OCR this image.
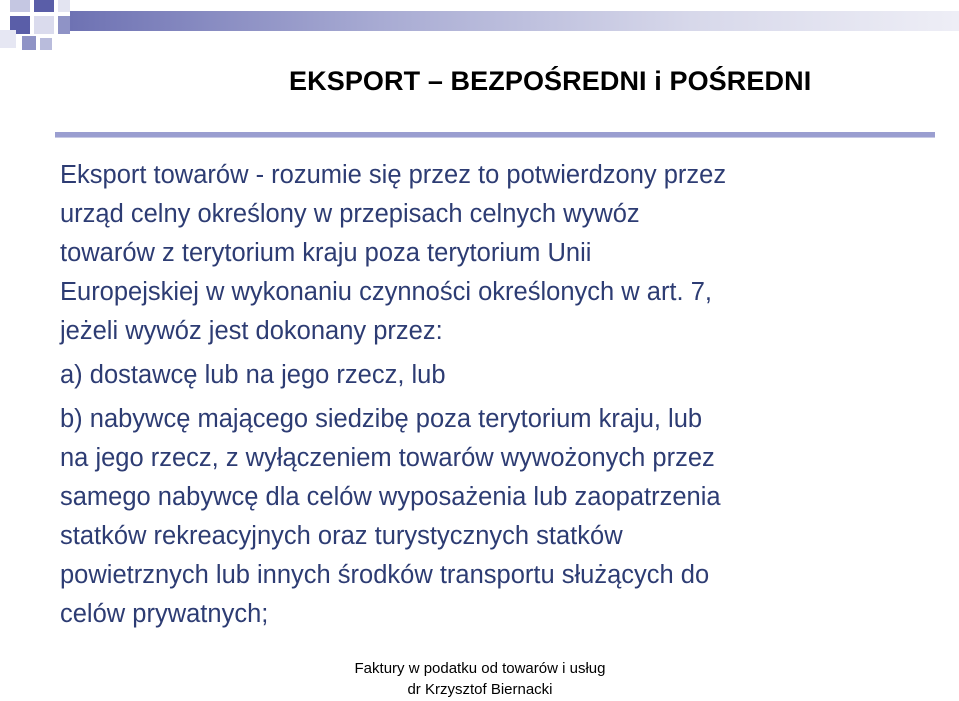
EKSPORT – BEZPOŚREDNI i POŚREDNI

Eksport towarów - rozumie się przez to potwierdzony przez

urząd celny określony w przepisach celnych wywóz

towarów z terytorium kraju poza terytorium Unii

Europejskiej w wykonaniu czynności określonych w art. 7,

jeżeli wywóz jest dokonany przez:

a) dostawcę lub na jego rzecz, lub

b) nabywcę mającego siedzibę poza terytorium kraju, lub

na jego rzecz, z wyłączeniem towarów wywożonych przez

samego nabywcę dla celów wyposażenia lub zaopatrzenia

statków rekreacyjnych oraz turystycznych statków

powietrznych lub innych środków transportu służących do

celów prywatnych;

Faktury w podatku od towarów i usług
dr Krzysztof Biernacki
